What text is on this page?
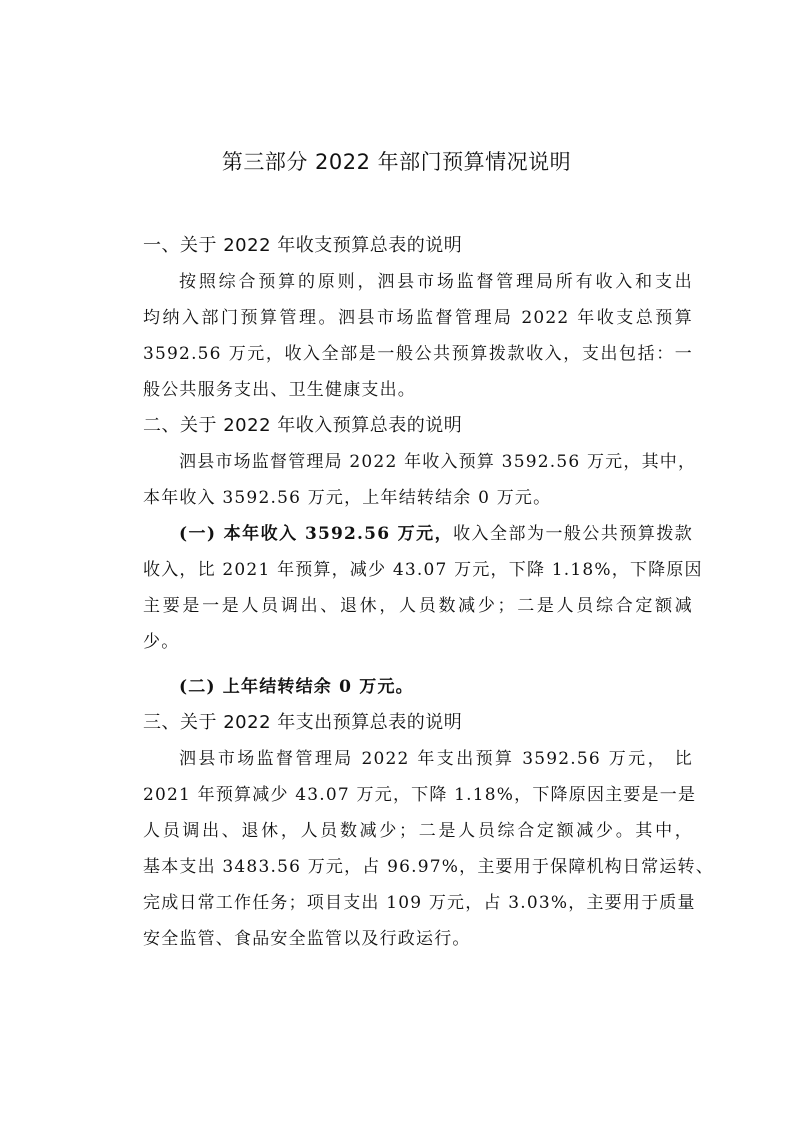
第三部分 2022 年部门预算情况说明
一、关于 2022 年收支预算总表的说明
按照综合预算的原则，泗县市场监督管理局所有收入和支出
均纳入部门预算管理。泗县市场监督管理局 2022 年收支总预算
3592.56 万元，收入全部是一般公共预算拨款收入，支出包括：一
般公共服务支出、卫生健康支出。
二、关于 2022 年收入预算总表的说明
泗县市场监督管理局 2022 年收入预算 3592.56 万元，其中，
本年收入 3592.56 万元，上年结转结余 0 万元。
(一) 本年收入 3592.56 万元，收入全部为一般公共预算拨款
收入，比 2021 年预算，减少 43.07 万元，下降 1.18%，下降原因
主要是一是人员调出、退休，人员数减少；二是人员综合定额减
少。
(二) 上年结转结余 0 万元。
三、关于 2022 年支出预算总表的说明
泗县市场监督管理局 2022 年支出预算 3592.56 万元， 比
2021 年预算减少 43.07 万元，下降 1.18%，下降原因主要是一是
人员调出、退休，人员数减少；二是人员综合定额减少。其中，
基本支出 3483.56 万元，占 96.97%，主要用于保障机构日常运转、
完成日常工作任务；项目支出 109 万元，占 3.03%，主要用于质量
安全监管、食品安全监管以及行政运行。
